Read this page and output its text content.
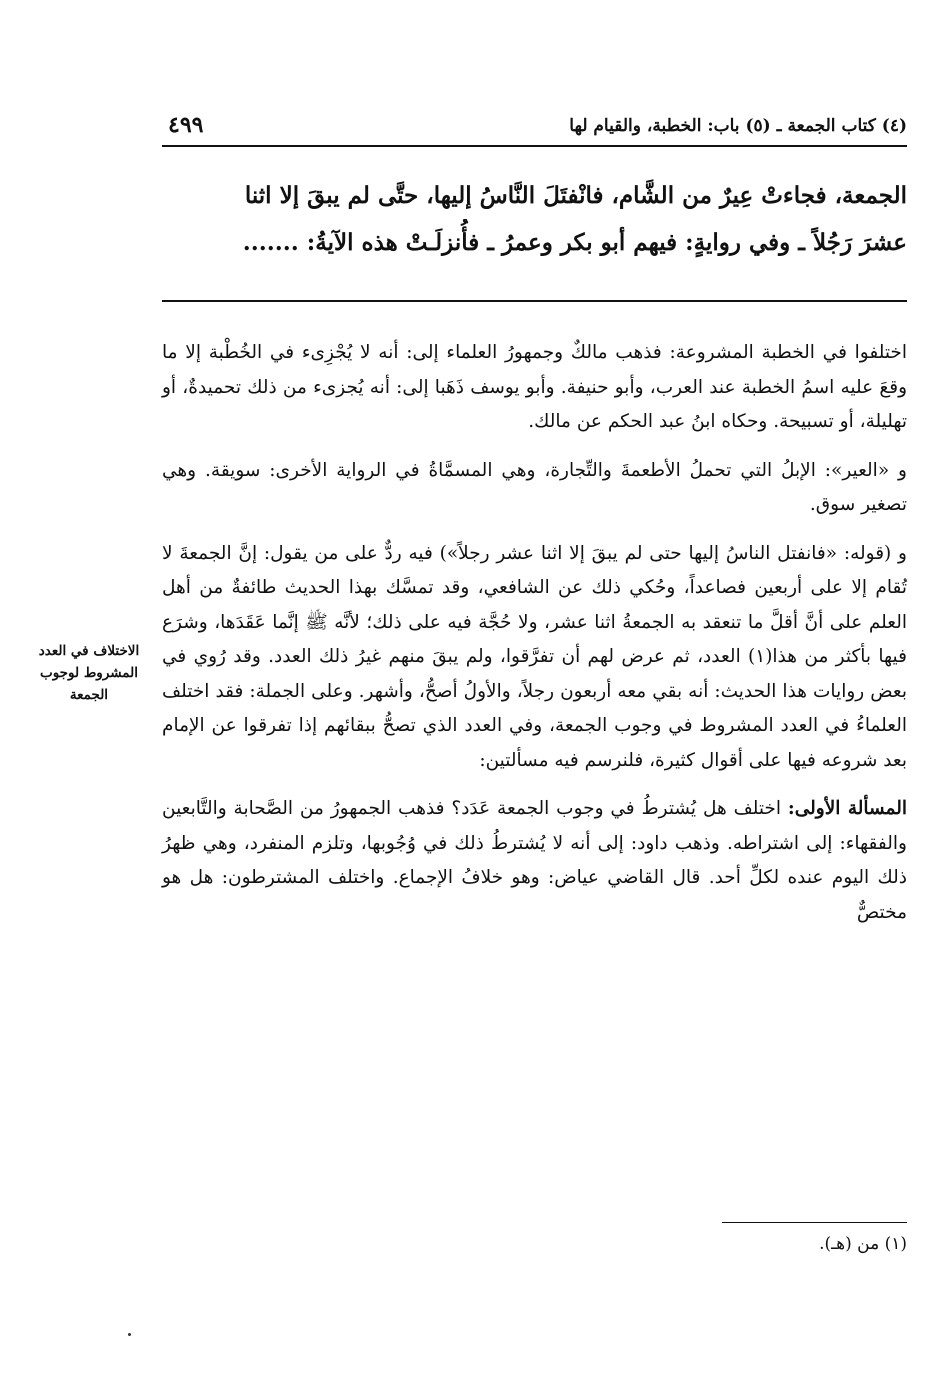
(٤) كتاب الجمعة ـ (٥) باب: الخطبة، والقيام لها
٤٩٩
الجمعة، فجاءتْ عِيرٌ من الشَّام، فانْفتَلَ النَّاسُ إليها، حتَّى لم يبقَ إلا اثنا
عشرَ رَجُلاً ـ وفي روايةٍ: فيهم أبو بكر وعمرُ ـ فأُنزلَـتْ هذه الآيةُ: .......

اختلفوا في الخطبة المشروعة: فذهب مالكٌ وجمهورُ العلماء إلى: أنه لا يُجْزِىء في الخُطْبة إلا ما وقعَ عليه اسمُ الخطبة عند العرب، وأبو حنيفة. وأبو يوسف ذَهَبا إلى: أنه يُجزىء من ذلك تحميدةٌ، أو تهليلة، أو تسبيحة. وحكاه ابنُ عبد الحكم عن مالك.

و «العير»: الإبلُ التي تحملُ الأطعمةَ والتِّجارة، وهي المسمَّاةُ في الرواية الأخرى: سويقة. وهي تصغير سوق.

و (قوله: «فانفتل الناسُ إليها حتى لم يبقَ إلا اثنا عشر رجلاً») فيه ردٌّ على من يقول: إنَّ الجمعةَ لا تُقام إلا على أربعين فصاعداً، وحُكي ذلك عن الشافعي، وقد تمسَّك بهذا الحديث طائفةٌ من أهل العلم على أنَّ أقلَّ ما تنعقد به الجمعةُ اثنا عشر، ولا حُجَّة فيه على ذلك؛ لأنَّه ﷺ إنَّما عَقَدَها، وشرَع فيها بأكثر من هذا(١) العدد، ثم عرض لهم أن تفرَّقوا، ولم يبقَ منهم غيرُ ذلك العدد. وقد رُوي في بعض روايات هذا الحديث: أنه بقي معه أربعون رجلاً، والأولُ أصحُّ، وأشهر. وعلى الجملة: فقد اختلف العلماءُ في العدد المشروط في وجوب الجمعة، وفي العدد الذي تصحُّ ببقائهم إذا تفرقوا عن الإمام بعد شروعه فيها على أقوال كثيرة، فلنرسم فيه مسألتين:

المسألة الأولى: اختلف هل يُشترطُ في وجوب الجمعة عَدَد؟ فذهب الجمهورُ من الصَّحابة والتَّابعين والفقهاء: إلى اشتراطه. وذهب داود: إلى أنه لا يُشترطُ ذلك في وُجُوبها، وتلزم المنفرد، وهي ظهرُ ذلك اليوم عنده لكلِّ أحد. قال القاضي عياض: وهو خلافُ الإجماع. واختلف المشترطون: هل هو مختصٌّ

الاختلاف في العدد المشروط لوجوب الجمعة
(١) من (هـ).
